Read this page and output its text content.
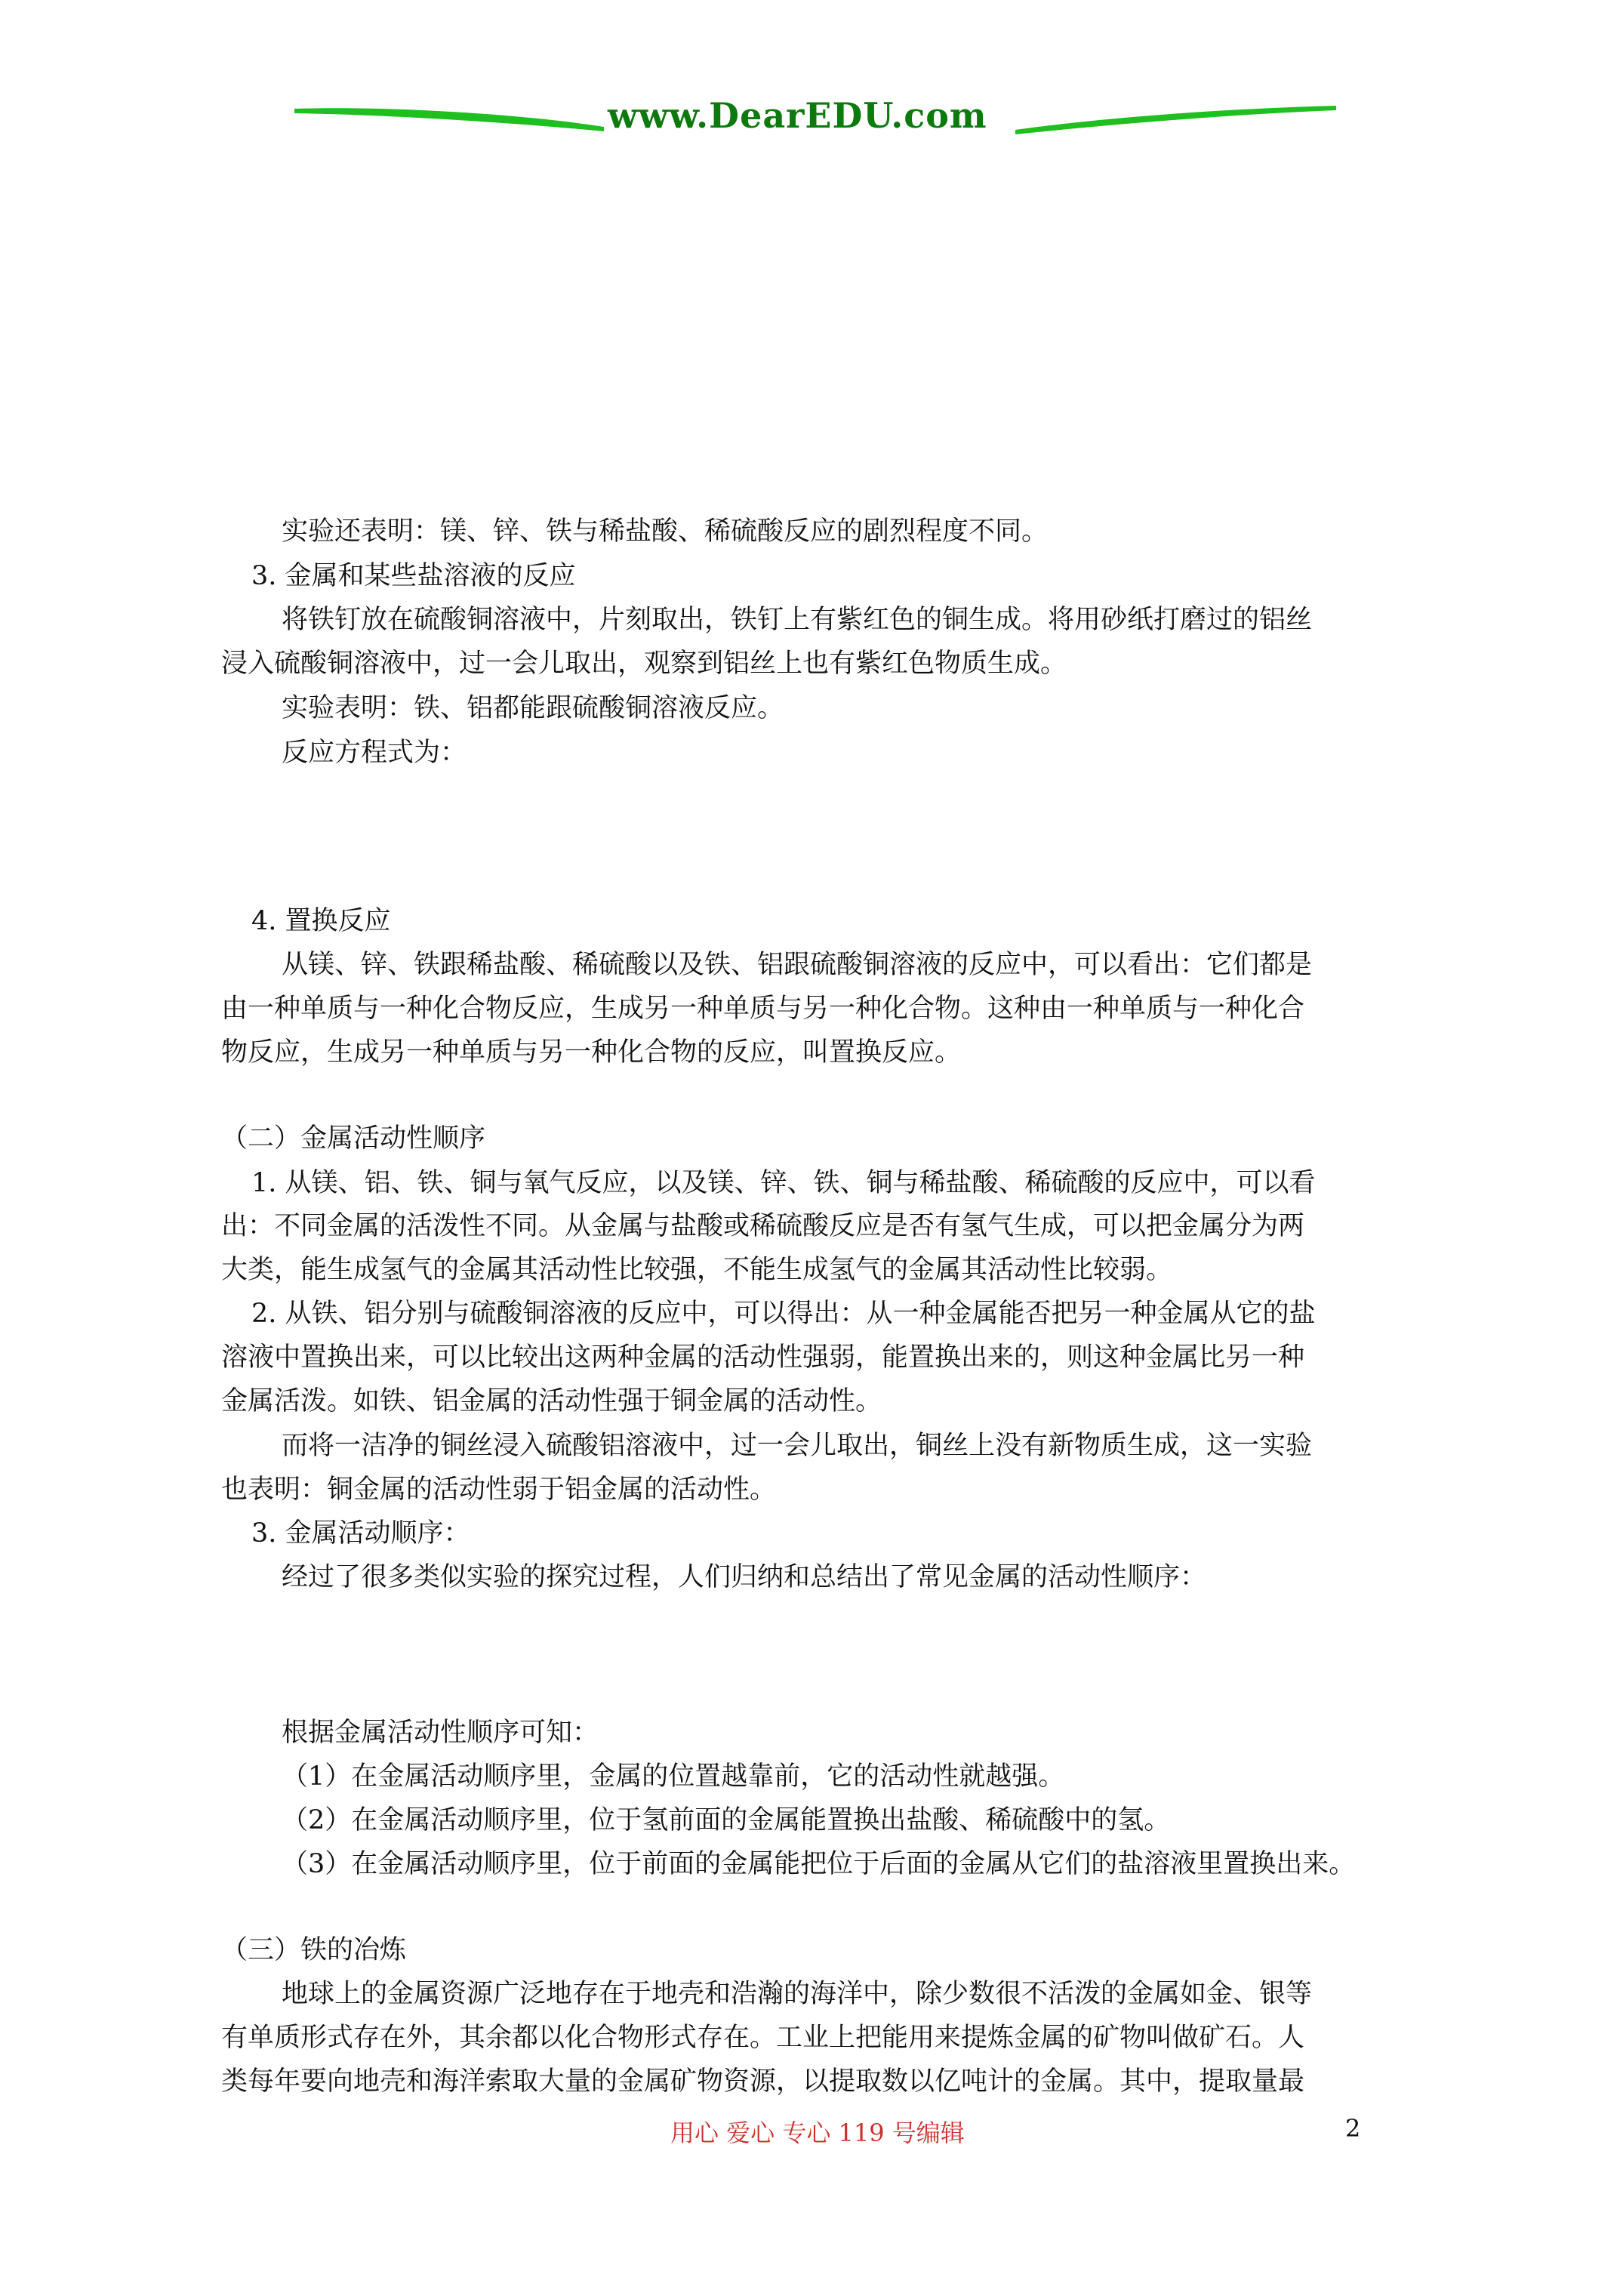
www.DearEDU.com
实验还表明：镁、锌、铁与稀盐酸、稀硫酸反应的剧烈程度不同。
3. 金属和某些盐溶液的反应
将铁钉放在硫酸铜溶液中，片刻取出，铁钉上有紫红色的铜生成。将用砂纸打磨过的铝丝
浸入硫酸铜溶液中，过一会儿取出，观察到铝丝上也有紫红色物质生成。
实验表明：铁、铝都能跟硫酸铜溶液反应。
反应方程式为：
4. 置换反应
从镁、锌、铁跟稀盐酸、稀硫酸以及铁、铝跟硫酸铜溶液的反应中，可以看出：它们都是
由一种单质与一种化合物反应，生成另一种单质与另一种化合物。这种由一种单质与一种化合
物反应，生成另一种单质与另一种化合物的反应，叫置换反应。
（二）金属活动性顺序
1. 从镁、铝、铁、铜与氧气反应，以及镁、锌、铁、铜与稀盐酸、稀硫酸的反应中，可以看
出：不同金属的活泼性不同。从金属与盐酸或稀硫酸反应是否有氢气生成，可以把金属分为两
大类，能生成氢气的金属其活动性比较强，不能生成氢气的金属其活动性比较弱。
2. 从铁、铝分别与硫酸铜溶液的反应中，可以得出：从一种金属能否把另一种金属从它的盐
溶液中置换出来，可以比较出这两种金属的活动性强弱，能置换出来的，则这种金属比另一种
金属活泼。如铁、铝金属的活动性强于铜金属的活动性。
而将一洁净的铜丝浸入硫酸铝溶液中，过一会儿取出，铜丝上没有新物质生成，这一实验
也表明：铜金属的活动性弱于铝金属的活动性。
3. 金属活动顺序：
经过了很多类似实验的探究过程，人们归纳和总结出了常见金属的活动性顺序：
根据金属活动性顺序可知：
（1）在金属活动顺序里，金属的位置越靠前，它的活动性就越强。
（2）在金属活动顺序里，位于氢前面的金属能置换出盐酸、稀硫酸中的氢。
（3）在金属活动顺序里，位于前面的金属能把位于后面的金属从它们的盐溶液里置换出来。
（三）铁的冶炼
地球上的金属资源广泛地存在于地壳和浩瀚的海洋中，除少数很不活泼的金属如金、银等
有单质形式存在外，其余都以化合物形式存在。工业上把能用来提炼金属的矿物叫做矿石。人
类每年要向地壳和海洋索取大量的金属矿物资源，以提取数以亿吨计的金属。其中，提取量最
用心 爱心 专心 119 号编辑	2
